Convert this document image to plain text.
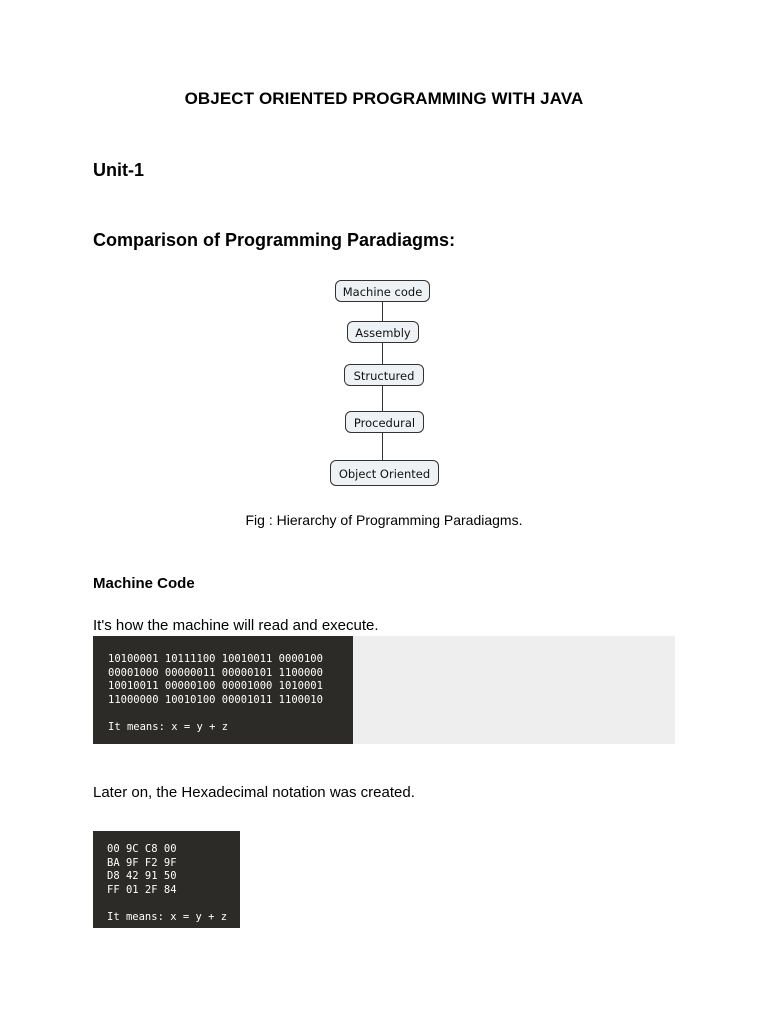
OBJECT ORIENTED PROGRAMMING WITH JAVA
Unit-1
Comparison of Programming Paradiagms:
Machine code
Assembly
Structured
Procedural
Object Oriented
Fig : Hierarchy of Programming Paradiagms.
Machine Code
It's how the machine will read and execute.
10100001 10111100 10010011 0000100
00001000 00000011 00000101 1100000
10010011 00000100 00001000 1010001
11000000 10010100 00001011 1100010
It means: x = y + z
Later on, the Hexadecimal notation was created.
00 9C C8 00
BA 9F F2 9F
D8 42 91 50
FF 01 2F 84
It means: x = y + z
